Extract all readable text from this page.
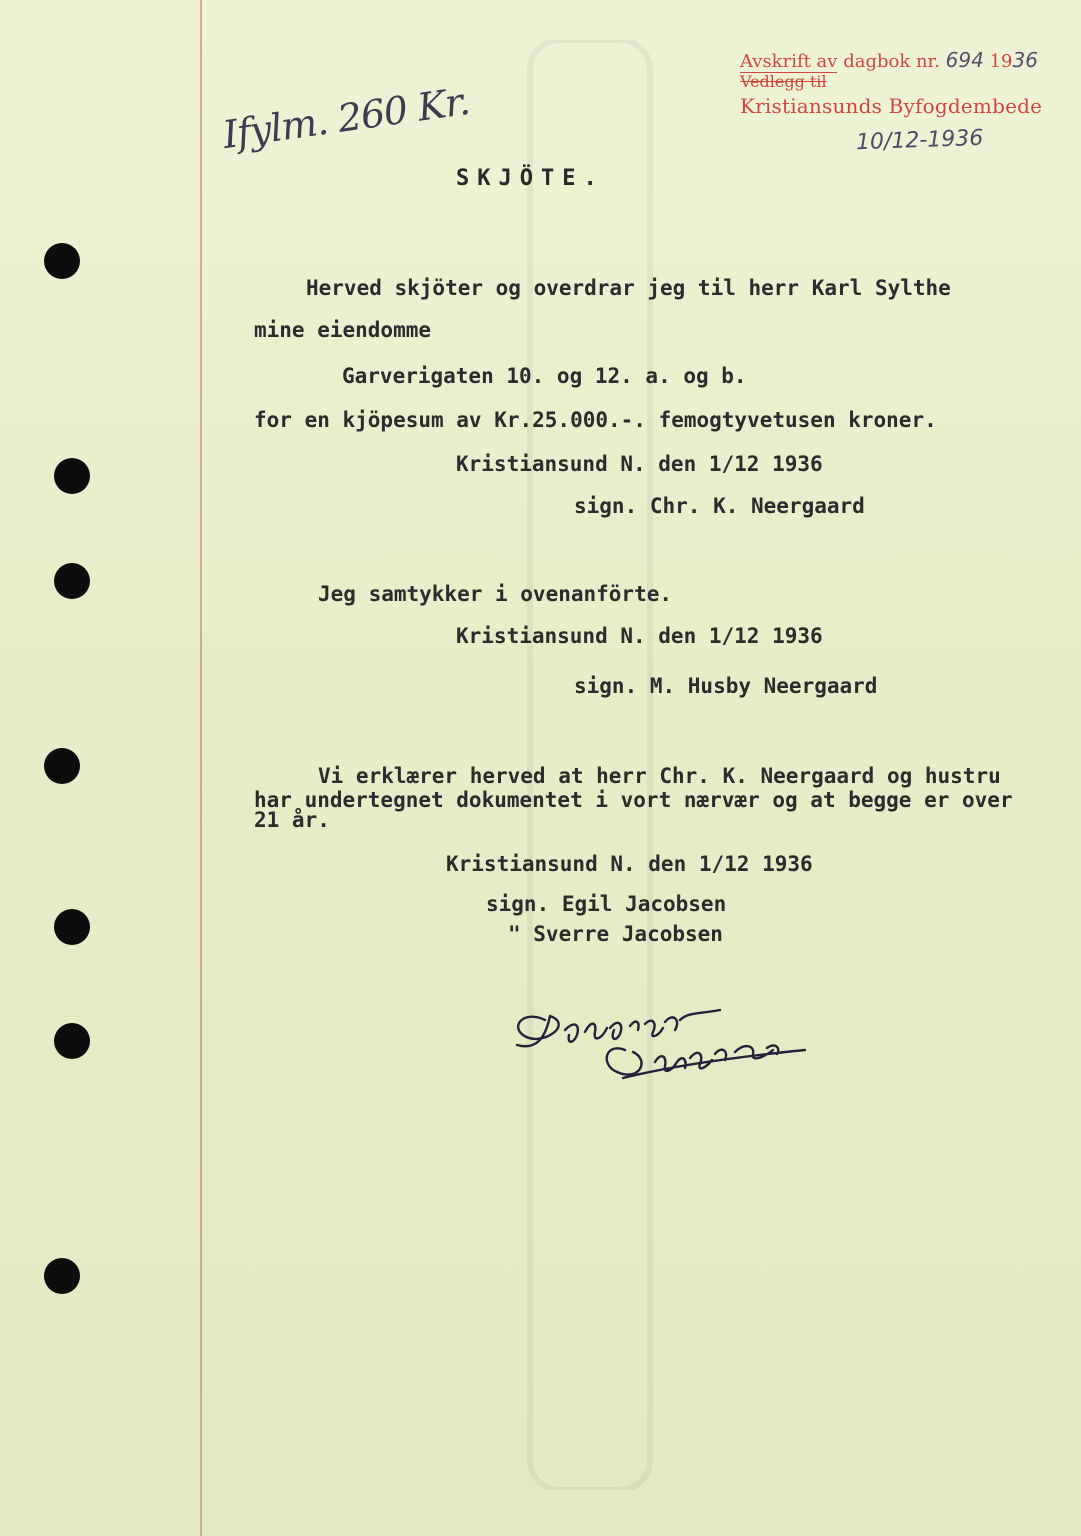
Avskrift av dagbok nr. 694 1936
Vedlegg til
Kristiansunds Byfogdembede
10/12-1936
Ifylm. 260 Kr.
SKJÖTE.
Herved skjöter og overdrar jeg til herr Karl Sylthe
mine eiendomme
Garverigaten 10. og 12. a. og b.
for en kjöpesum av Kr.25.000.-. femogtyvetusen kroner.
Kristiansund N. den 1/12 1936
sign. Chr. K. Neergaard
Jeg samtykker i ovenanförte.
Kristiansund N. den 1/12 1936
sign. M. Husby Neergaard
Vi erklærer herved at herr Chr. K. Neergaard og hustru
har undertegnet dokumentet i vort nærvær og at begge er over
21 år.
Kristiansund N. den 1/12 1936
sign. Egil Jacobsen
" Sverre Jacobsen
